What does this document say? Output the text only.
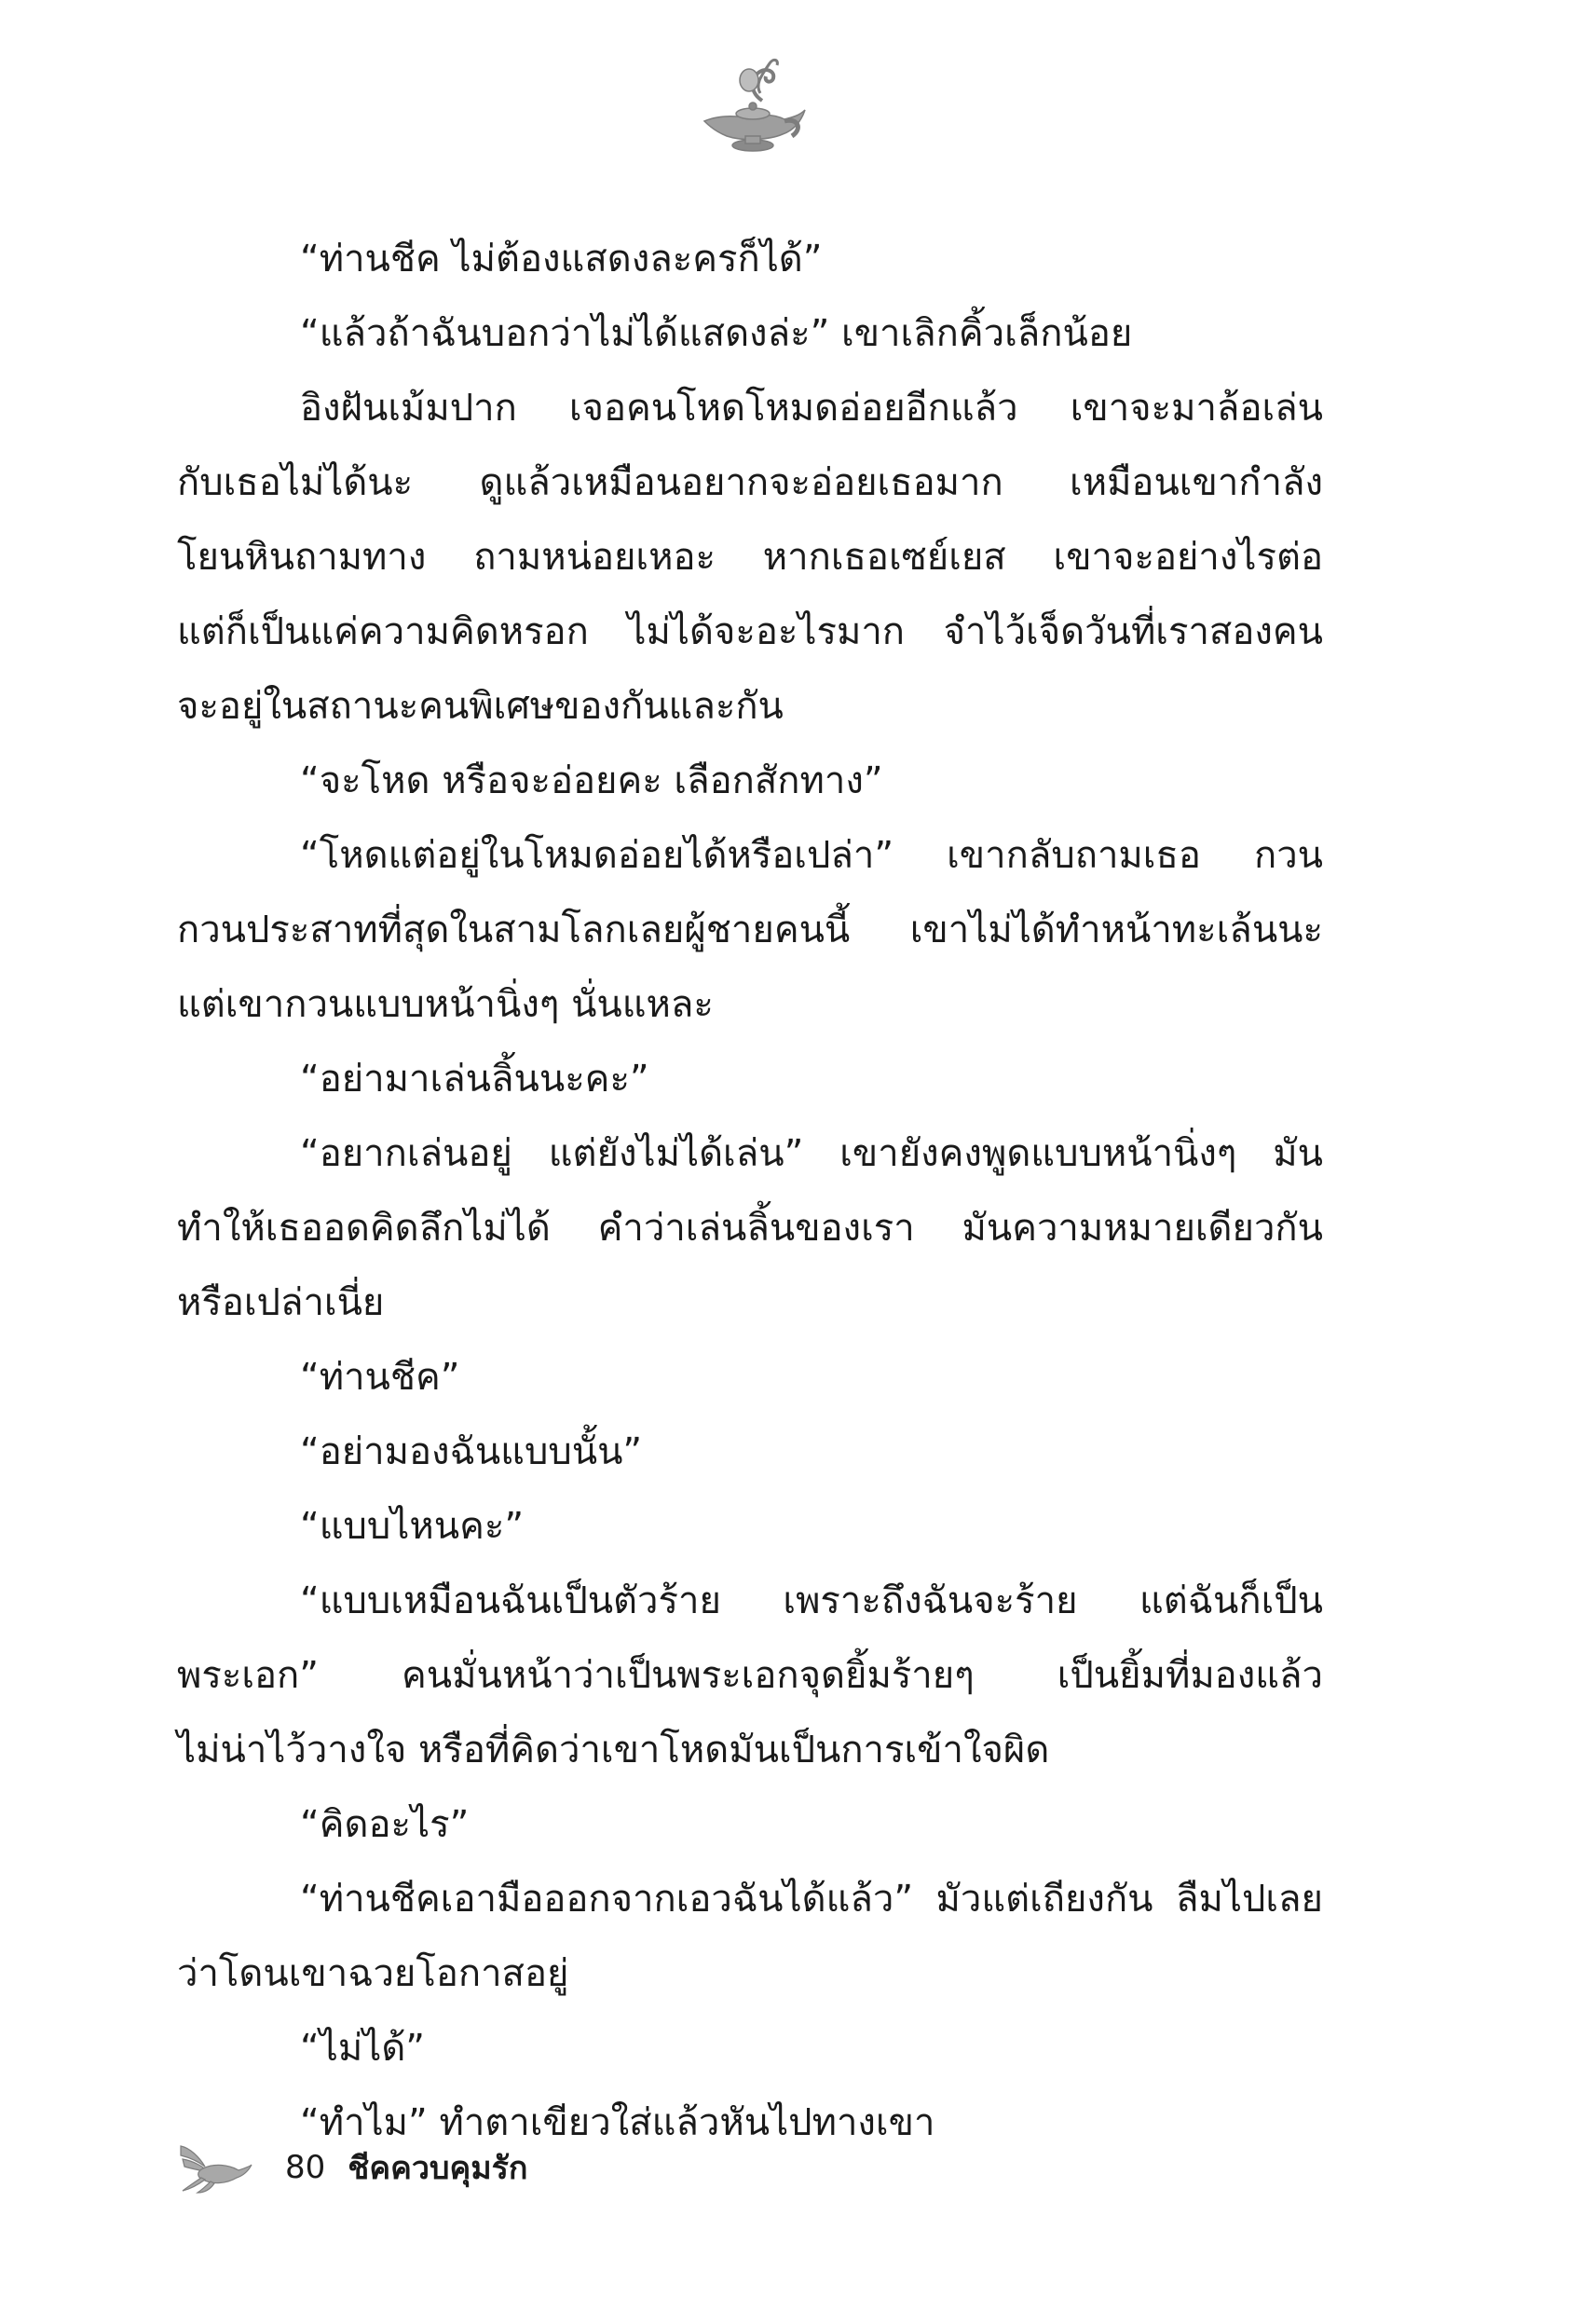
“ท่านชีค ไม่ต้องแสดงละครก็ได้”
“แล้วถ้าฉันบอกว่าไม่ได้แสดงล่ะ” เขาเลิกคิ้วเล็กน้อย
อิงฝันเม้มปาก เจอคนโหดโหมดอ่อยอีกแล้ว เขาจะมาล้อเล่น
กับเธอไม่ได้นะ ดูแล้วเหมือนอยากจะอ่อยเธอมาก เหมือนเขากำลัง
โยนหินถามทาง ถามหน่อยเหอะ หากเธอเซย์เยส เขาจะอย่างไรต่อ
แต่ก็เป็นแค่ความคิดหรอก ไม่ได้จะอะไรมาก จำไว้เจ็ดวันที่เราสองคน
จะอยู่ในสถานะคนพิเศษของกันและกัน
“จะโหด หรือจะอ่อยคะ เลือกสักทาง”
“โหดแต่อยู่ในโหมดอ่อยได้หรือเปล่า” เขากลับถามเธอ กวน
กวนประสาทที่สุดในสามโลกเลยผู้ชายคนนี้ เขาไม่ได้ทำหน้าทะเล้นนะ
แต่เขากวนแบบหน้านิ่งๆ นั่นแหละ
“อย่ามาเล่นลิ้นนะคะ”
“อยากเล่นอยู่ แต่ยังไม่ได้เล่น” เขายังคงพูดแบบหน้านิ่งๆ มัน
ทำให้เธออดคิดลึกไม่ได้ คำว่าเล่นลิ้นของเรา มันความหมายเดียวกัน
หรือเปล่าเนี่ย
“ท่านชีค”
“อย่ามองฉันแบบนั้น”
“แบบไหนคะ”
“แบบเหมือนฉันเป็นตัวร้าย เพราะถึงฉันจะร้าย แต่ฉันก็เป็น
พระเอก” คนมั่นหน้าว่าเป็นพระเอกจุดยิ้มร้ายๆ เป็นยิ้มที่มองแล้ว
ไม่น่าไว้วางใจ หรือที่คิดว่าเขาโหดมันเป็นการเข้าใจผิด
“คิดอะไร”
“ท่านชีคเอามือออกจากเอวฉันได้แล้ว” มัวแต่เถียงกัน ลืมไปเลย
ว่าโดนเขาฉวยโอกาสอยู่
“ไม่ได้”
“ทำไม” ทำตาเขียวใส่แล้วหันไปทางเขา
80 ชีคควบคุมรัก
